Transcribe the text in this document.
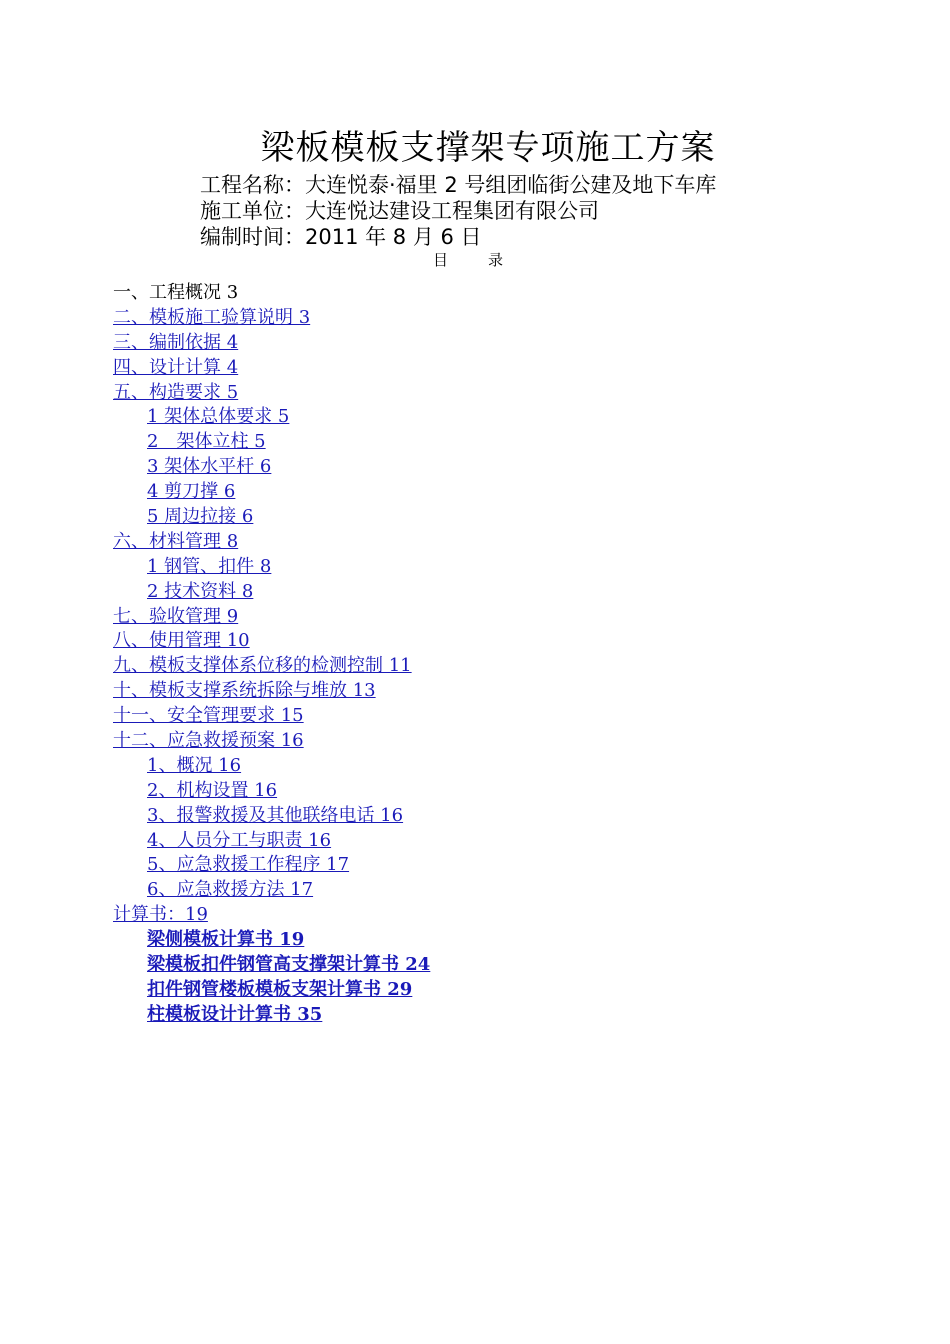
梁板模板支撑架专项施工方案
工程名称：大连悦泰·福里 2 号组团临街公建及地下车库
施工单位：大连悦达建设工程集团有限公司
编制时间：2011 年 8 月 6 日
目录
一、工程概况 3
二、模板施工验算说明 3
三、编制依据 4
四、设计计算 4
五、构造要求 5
1 架体总体要求 5
2　架体立柱 5
3 架体水平杆 6
4 剪刀撑 6
5 周边拉接 6
六、材料管理 8
1 钢管、扣件 8
2 技术资料 8
七、验收管理 9
八、使用管理 10
九、模板支撑体系位移的检测控制 11
十、模板支撑系统拆除与堆放 13
十一、安全管理要求 15
十二、应急救援预案 16
1、概况 16
2、机构设置 16
3、报警救援及其他联络电话 16
4、人员分工与职责 16
5、应急救援工作程序 17
6、应急救援方法 17
计算书：19
梁侧模板计算书 19
梁模板扣件钢管高支撑架计算书 24
扣件钢管楼板模板支架计算书 29
柱模板设计计算书 35
